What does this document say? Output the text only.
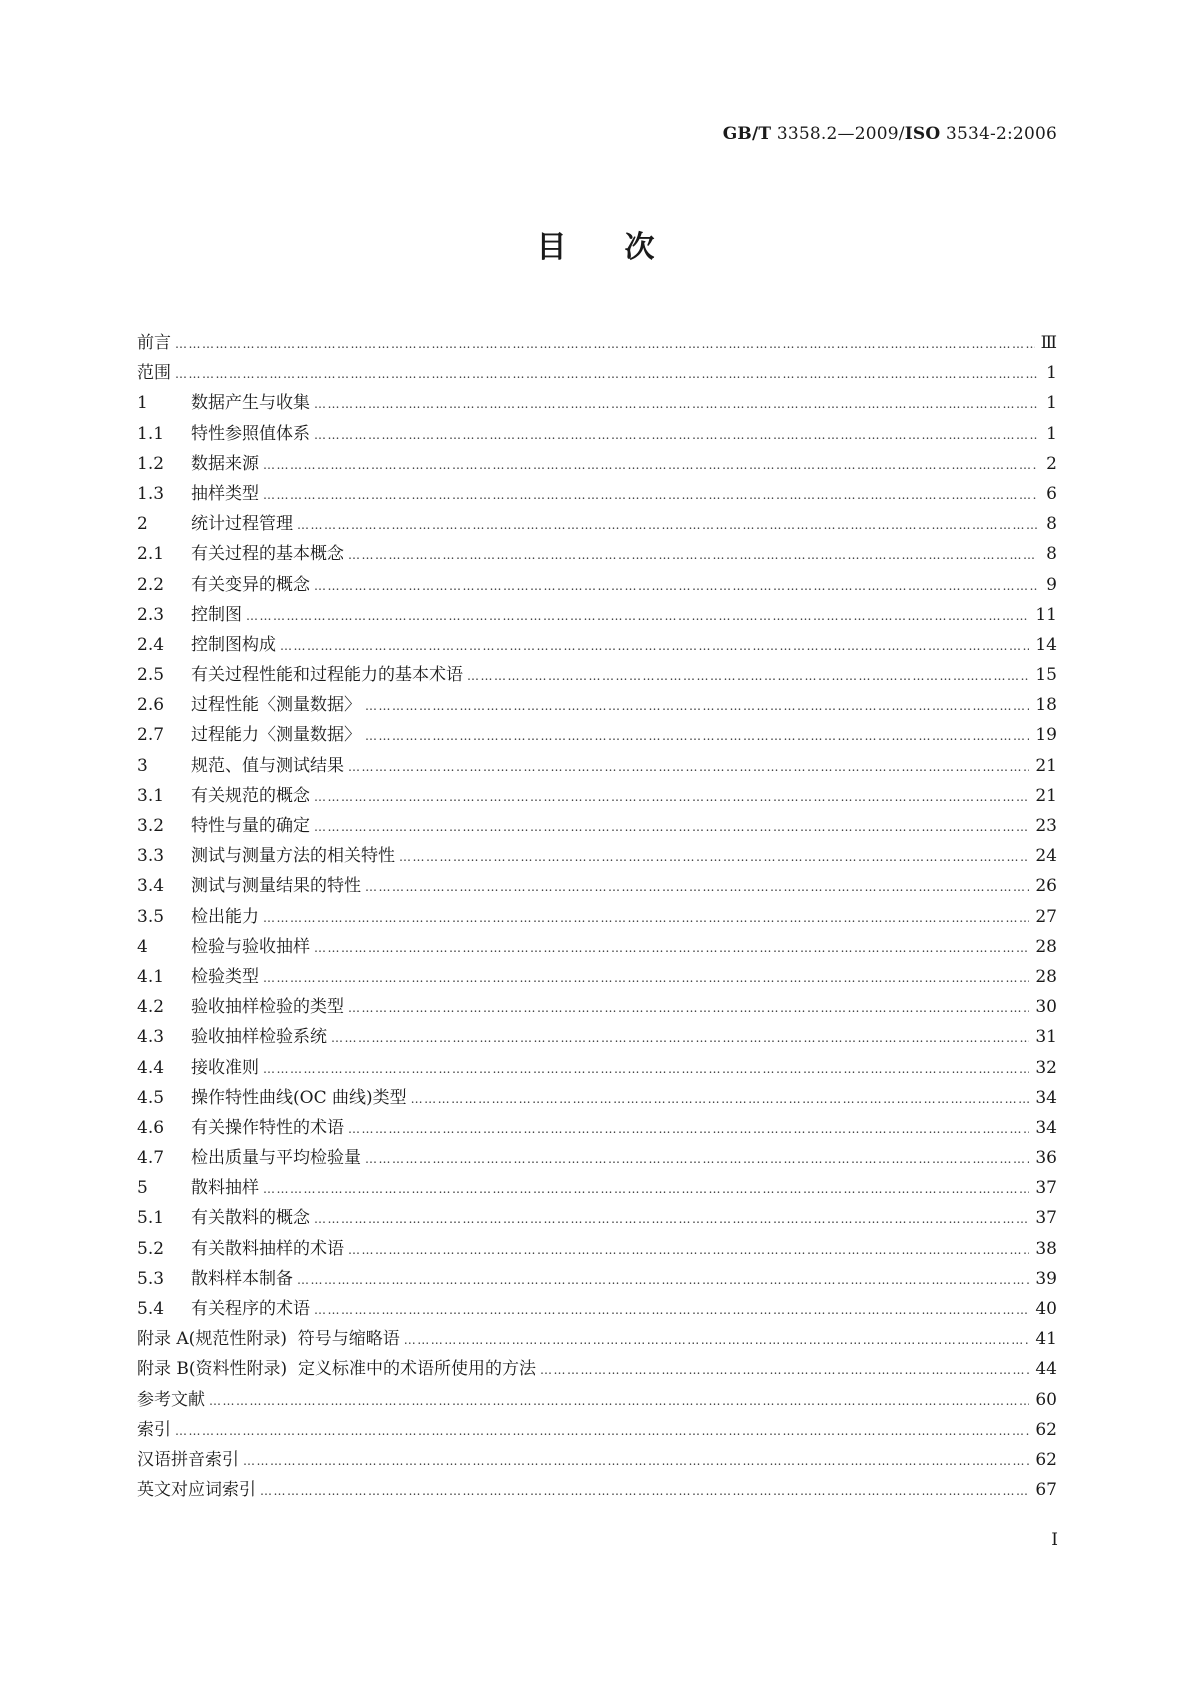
GB/T 3358.2—2009/ISO 3534-2:2006
目次
前言 ………………………………………………………………………………………………………………………………………………………………………………………………………………………………………	Ⅲ
范围 ………………………………………………………………………………………………………………………………………………………………………………………………………………………………………	1
1	数据产生与收集 ………………………………………………………………………………………………………………………………………………………………………………………………………………………………………	1
1.1 特性参照值体系 ………………………………………………………………………………………………………………………………………………………………………………………………………………………………………	1
1.2 数据来源 ………………………………………………………………………………………………………………………………………………………………………………………………………………………………………	2
1.3 抽样类型 ………………………………………………………………………………………………………………………………………………………………………………………………………………………………………	6
2	统计过程管理 ………………………………………………………………………………………………………………………………………………………………………………………………………………………………………	8
2.1 有关过程的基本概念 ………………………………………………………………………………………………………………………………………………………………………………………………………………………………………	8
2.2 有关变异的概念 ………………………………………………………………………………………………………………………………………………………………………………………………………………………………………	9
2.3 控制图 ………………………………………………………………………………………………………………………………………………………………………………………………………………………………………	11
2.4 控制图构成 ………………………………………………………………………………………………………………………………………………………………………………………………………………………………………	14
2.5 有关过程性能和过程能力的基本术语 ………………………………………………………………………………………………………………………………………………………………………………………………………………………………………	15
2.6 过程性能〈测量数据〉 ………………………………………………………………………………………………………………………………………………………………………………………………………………………………………	18
2.7 过程能力〈测量数据〉 ………………………………………………………………………………………………………………………………………………………………………………………………………………………………………	19
3	规范、值与测试结果 ………………………………………………………………………………………………………………………………………………………………………………………………………………………………………	21
3.1 有关规范的概念 ………………………………………………………………………………………………………………………………………………………………………………………………………………………………………	21
3.2 特性与量的确定 ………………………………………………………………………………………………………………………………………………………………………………………………………………………………………	23
3.3 测试与测量方法的相关特性 ………………………………………………………………………………………………………………………………………………………………………………………………………………………………………	24
3.4 测试与测量结果的特性 ………………………………………………………………………………………………………………………………………………………………………………………………………………………………………	26
3.5 检出能力 ………………………………………………………………………………………………………………………………………………………………………………………………………………………………………	27
4	检验与验收抽样 ………………………………………………………………………………………………………………………………………………………………………………………………………………………………………	28
4.1 检验类型 ………………………………………………………………………………………………………………………………………………………………………………………………………………………………………	28
4.2 验收抽样检验的类型 ………………………………………………………………………………………………………………………………………………………………………………………………………………………………………	30
4.3 验收抽样检验系统 ………………………………………………………………………………………………………………………………………………………………………………………………………………………………………	31
4.4 接收准则 ………………………………………………………………………………………………………………………………………………………………………………………………………………………………………	32
4.5 操作特性曲线(OC 曲线)类型 ………………………………………………………………………………………………………………………………………………………………………………………………………………………………………	34
4.6 有关操作特性的术语 ………………………………………………………………………………………………………………………………………………………………………………………………………………………………………	34
4.7 检出质量与平均检验量 ………………………………………………………………………………………………………………………………………………………………………………………………………………………………………	36
5	散料抽样 ………………………………………………………………………………………………………………………………………………………………………………………………………………………………………	37
5.1 有关散料的概念 ………………………………………………………………………………………………………………………………………………………………………………………………………………………………………	37
5.2 有关散料抽样的术语 ………………………………………………………………………………………………………………………………………………………………………………………………………………………………………	38
5.3 散料样本制备 ………………………………………………………………………………………………………………………………………………………………………………………………………………………………………	39
5.4 有关程序的术语 ………………………………………………………………………………………………………………………………………………………………………………………………………………………………………	40
附录 A(规范性附录)  符号与缩略语 ………………………………………………………………………………………………………………………………………………………………………………………………………………………………………	41
附录 B(资料性附录)  定义标准中的术语所使用的方法 ………………………………………………………………………………………………………………………………………………………………………………………………………………………………………	44
参考文献 ………………………………………………………………………………………………………………………………………………………………………………………………………………………………………	60
索引 ………………………………………………………………………………………………………………………………………………………………………………………………………………………………………	62
汉语拼音索引 ………………………………………………………………………………………………………………………………………………………………………………………………………………………………………	62
英文对应词索引 ………………………………………………………………………………………………………………………………………………………………………………………………………………………………………	67
I
